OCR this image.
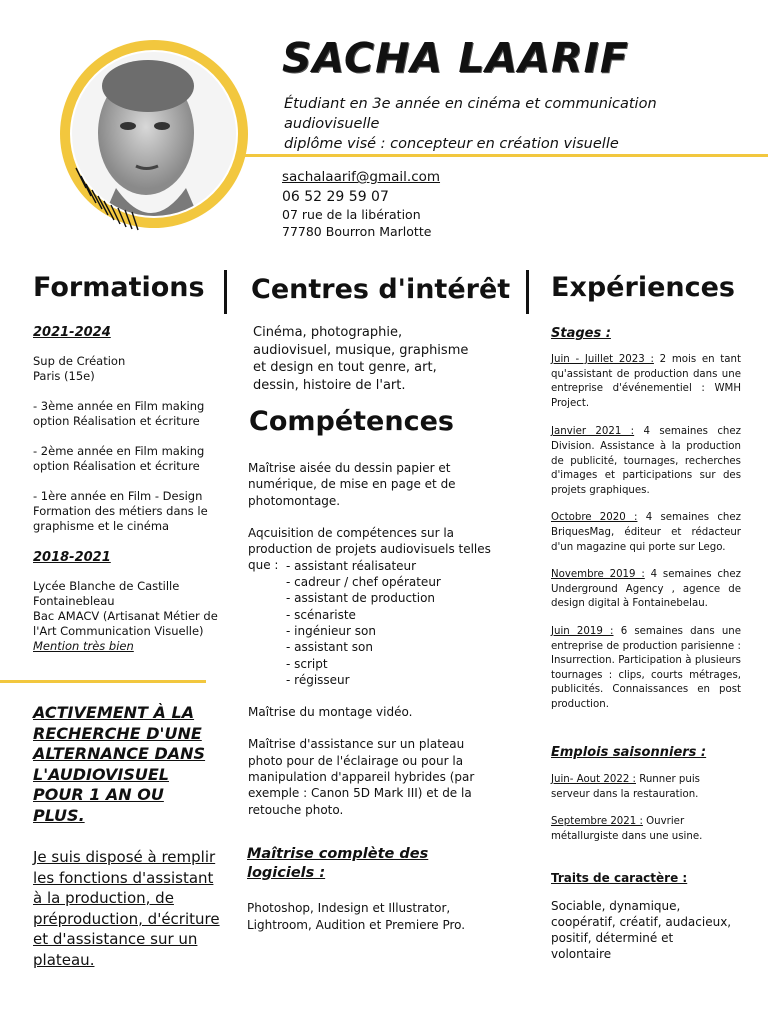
SACHA LAARIF
Étudiant en 3e année en cinéma et communication audiovisuelle
diplôme visé : concepteur en création visuelle
sachalaarif@gmail.com
06 52 29 59 07
07 rue de la libération
77780 Bourron Marlotte
Formations Centres d'intérêt Expériences
2021-2024
Sup de Création
Paris (15e)
- 3ème année en Film making option Réalisation et écriture
- 2ème année en Film making option Réalisation et écriture
- 1ère année en Film - Design Formation des métiers dans le graphisme et le cinéma
2018-2021
Lycée Blanche de Castille
Fontainebleau
Bac AMACV (Artisanat Métier de l'Art Communication Visuelle)
Mention très bien
ACTIVEMENT À LA RECHERCHE D'UNE ALTERNANCE DANS L'AUDIOVISUEL POUR 1 AN OU PLUS.
Je suis disposé à remplir les fonctions d'assistant à la production, de préproduction, d'écriture et d'assistance sur un plateau.
Cinéma, photographie, audiovisuel, musique, graphisme et design en tout genre, art, dessin, histoire de l'art.
Compétences
Maîtrise aisée du dessin papier et numérique, de mise en page et de photomontage.
Aqcuisition de compétences sur la production de projets audiovisuels telles que : - assistant réalisateur
- cadreur / chef opérateur
- assistant de production
- scénariste
- ingénieur son
- assistant son
- script
- régisseur
Maîtrise du montage vidéo.
Maîtrise d'assistance sur un plateau photo pour de l'éclairage ou pour la manipulation d'appareil hybrides (par exemple : Canon 5D Mark III) et de la retouche photo.
Maîtrise complète des logiciels :
Photoshop, Indesign et Illustrator, Lightroom, Audition et Premiere Pro.
Stages :
Juin - Juillet 2023 : 2 mois en tant qu'assistant de production dans une entreprise d'événementiel : WMH Project.
Janvier 2021 : 4 semaines chez Division. Assistance à la production de publicité, tournages, recherches d'images et participations sur des projets graphiques.
Octobre 2020 : 4 semaines chez BriquesMag, éditeur et rédacteur d'un magazine qui porte sur Lego.
Novembre 2019 : 4 semaines chez Underground Agency , agence de design digital à Fontainebelau.
Juin 2019 : 6 semaines dans une entreprise de production parisienne : Insurrection. Participation à plusieurs tournages : clips, courts métrages, publicités. Connaissances en post production.
Emplois saisonniers :
Juin- Aout 2022 : Runner puis serveur dans la restauration.
Septembre 2021 : Ouvrier métallurgiste dans une usine.
Traits de caractère :
Sociable, dynamique, coopératif, créatif, audacieux, positif, déterminé et volontaire
